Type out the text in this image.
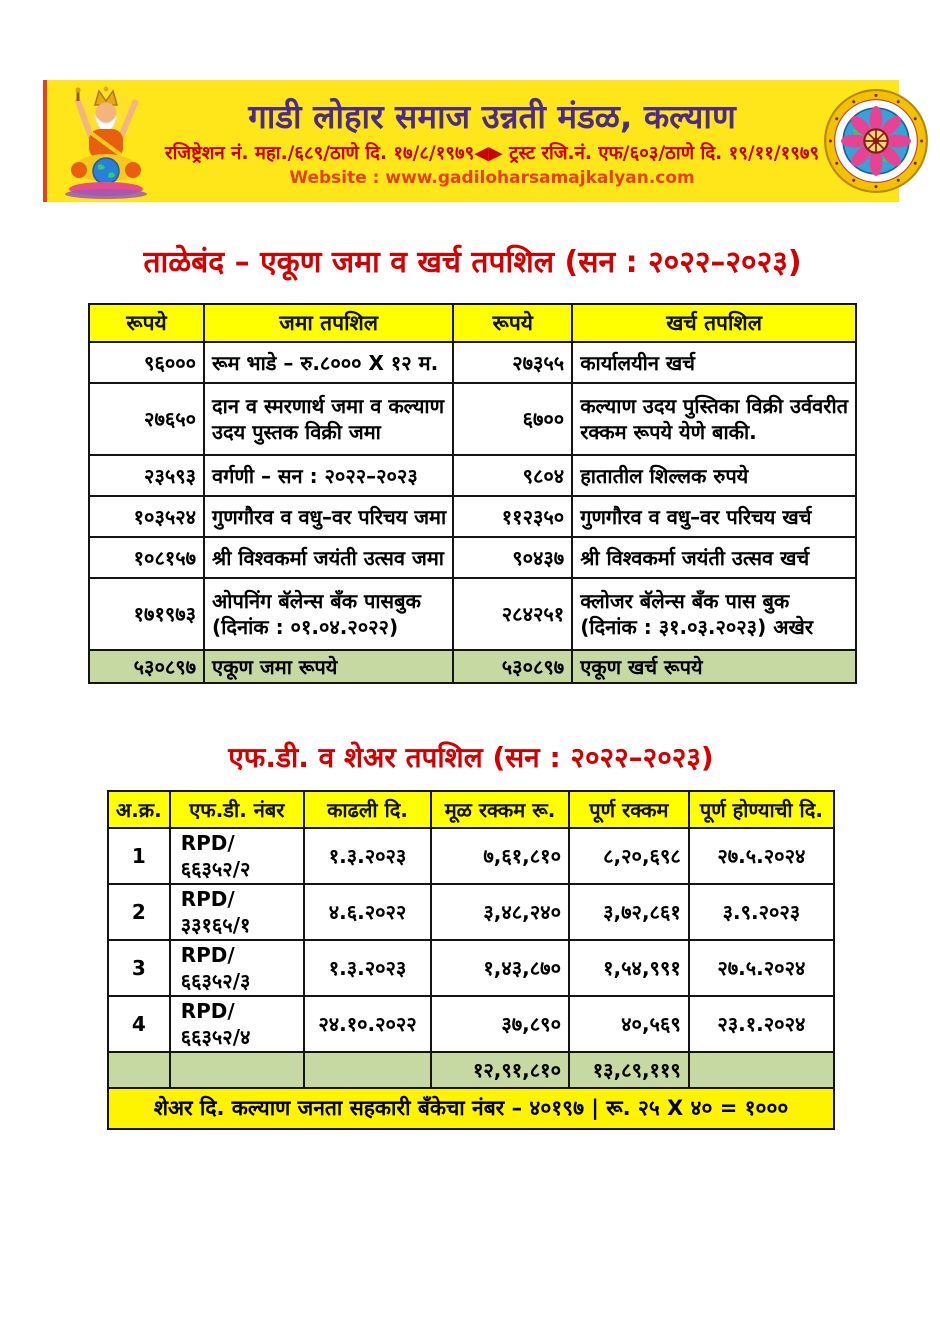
गाडी लोहार समाज उन्नती मंडळ, कल्याण
रजिष्ट्रेशन नं. महा./६८९/ठाणे दि. १७/८/१९७९◀▶ ट्रस्ट रजि.नं. एफ/६०३/ठाणे दि. १९/११/१९७९
Website : www.gadiloharsamajkalyan.com
ताळेबंद – एकूण जमा व खर्च तपशिल (सन : २०२२–२०२३)
रूपये	जमा तपशिल	रूपये	खर्च तपशिल
९६०००	रूम भाडे – रु.८००० X १२ म.	२७३५५	कार्यालयीन खर्च
२७६५०	दान व स्मरणार्थ जमा व कल्याण उदय पुस्तक विक्री जमा	६७००	कल्याण उदय पुस्तिका विक्री उर्ववरीत रक्कम रूपये येणे बाकी.
२३५९३	वर्गणी – सन : २०२२–२०२३	९८०४	हातातील शिल्लक रुपये
१०३५२४	गुणगौरव व वधु–वर परिचय जमा	११२३५०	गुणगौरव व वधु–वर परिचय खर्च
१०८१५७	श्री विश्वकर्मा जयंती उत्सव जमा	९०४३७	श्री विश्वकर्मा जयंती उत्सव खर्च
१७१९७३	ओपनिंग बॅलेन्स बँक पासबुक (दिनांक : ०१.०४.२०२२)	२८४२५१	क्लोजर बॅलेन्स बँक पास बुक (दिनांक : ३१.०३.२०२३) अखेर
५३०८९७	एकूण जमा रूपये	५३०८९७	एकूण खर्च रूपये
एफ.डी. व शेअर तपशिल (सन : २०२२–२०२३)
अ.क्र.	एफ.डी. नंबर	काढली दि.	मूळ रक्कम रू.	पूर्ण रक्कम	पूर्ण होण्याची दि.
1	RPD/६६३५२/२	१.३.२०२३	७,६१,८१०	८,२०,६९८	२७.५.२०२४
2	RPD/३३१६५/१	४.६.२०२२	३,४८,२४०	३,७२,८६१	३.९.२०२३
3	RPD/६६३५२/३	१.३.२०२३	१,४३,८७०	१,५४,९९१	२७.५.२०२४
4	RPD/६६३५२/४	२४.१०.२०२२	३७,८९०	४०,५६९	२३.१.२०२४
			१२,९१,८१०	१३,८९,११९	
शेअर दि. कल्याण जनता सहकारी बँकेचा नंबर – ४०१९७ | रू. २५ X ४० = १०००					
